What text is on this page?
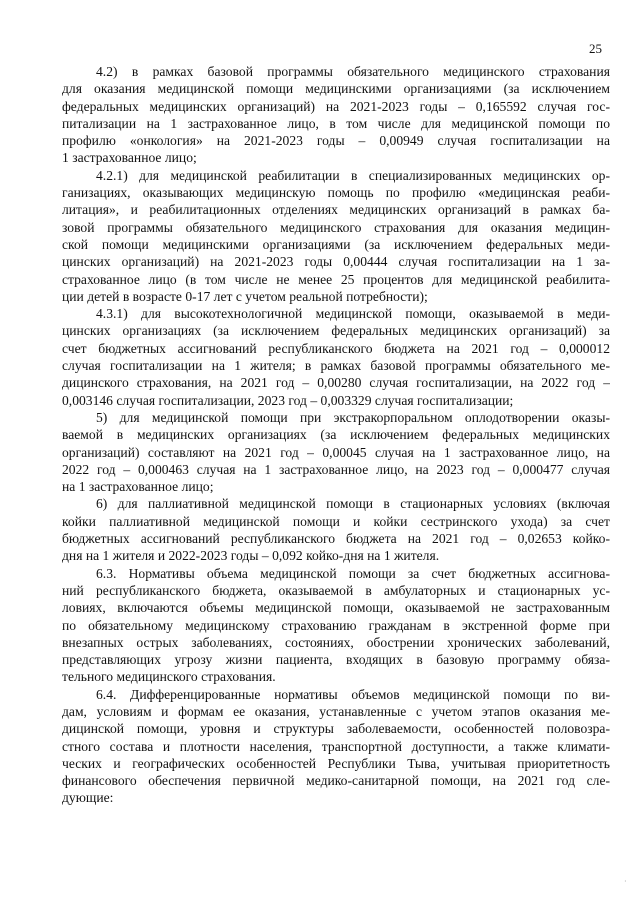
25
4.2) в рамках базовой программы обязательного медицинского страхования
для оказания медицинской помощи медицинскими организациями (за исключением
федеральных медицинских организаций) на 2021-2023 годы – 0,165592 случая гос-
питализации на 1 застрахованное лицо, в том числе для медицинской помощи по
профилю «онкология» на 2021-2023 годы – 0,00949 случая госпитализации на
1 застрахованное лицо;
4.2.1) для медицинской реабилитации в специализированных медицинских ор-
ганизациях, оказывающих медицинскую помощь по профилю «медицинская реаби-
литация», и реабилитационных отделениях медицинских организаций в рамках ба-
зовой программы обязательного медицинского страхования для оказания медицин-
ской помощи медицинскими организациями (за исключением федеральных меди-
цинских организаций) на 2021-2023 годы 0,00444 случая госпитализации на 1 за-
страхованное лицо (в том числе не менее 25 процентов для медицинской реабилита-
ции детей в возрасте 0-17 лет с учетом реальной потребности);
4.3.1) для высокотехнологичной медицинской помощи, оказываемой в меди-
цинских организациях (за исключением федеральных медицинских организаций) за
счет бюджетных ассигнований республиканского бюджета на 2021 год – 0,000012
случая госпитализации на 1 жителя; в рамках базовой программы обязательного ме-
дицинского страхования, на 2021 год – 0,00280 случая госпитализации, на 2022 год –
0,003146 случая госпитализации, 2023 год – 0,003329 случая госпитализации;
5) для медицинской помощи при экстракорпоральном оплодотворении оказы-
ваемой в медицинских организациях (за исключением федеральных медицинских
организаций) составляют на 2021 год – 0,00045 случая на 1 застрахованное лицо, на
2022 год – 0,000463 случая на 1 застрахованное лицо, на 2023 год – 0,000477 случая
на 1 застрахованное лицо;
6) для паллиативной медицинской помощи в стационарных условиях (включая
койки паллиативной медицинской помощи и койки сестринского ухода) за счет
бюджетных ассигнований республиканского бюджета на 2021 год – 0,02653 койко-
дня на 1 жителя и 2022-2023 годы – 0,092 койко-дня на 1 жителя.
6.3. Нормативы объема медицинской помощи за счет бюджетных ассигнова-
ний республиканского бюджета, оказываемой в амбулаторных и стационарных ус-
ловиях, включаются объемы медицинской помощи, оказываемой не застрахованным
по обязательному медицинскому страхованию гражданам в экстренной форме при
внезапных острых заболеваниях, состояниях, обострении хронических заболеваний,
представляющих угрозу жизни пациента, входящих в базовую программу обяза-
тельного медицинского страхования.
6.4. Дифференцированные нормативы объемов медицинской помощи по ви-
дам, условиям и формам ее оказания, устанавленные с учетом этапов оказания ме-
дицинской помощи, уровня и структуры заболеваемости, особенностей половозра-
стного состава и плотности населения, транспортной доступности, а также климати-
ческих и географических особенностей Республики Тыва, учитывая приоритетность
финансового обеспечения первичной медико-санитарной помощи, на 2021 год сле-
дующие:
·
